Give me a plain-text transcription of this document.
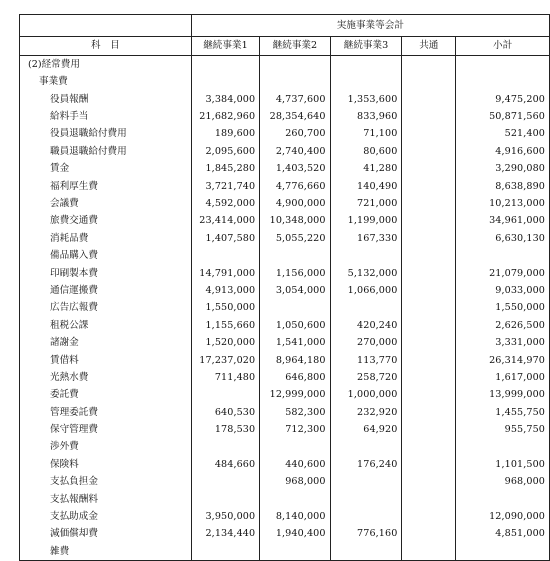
	実施事業等会計				
科　目	継続事業1	継続事業2	継続事業3	共通	小計
(2)経常費用					
事業費					
役員報酬	3,384,000	4,737,600	1,353,600		9,475,200
給料手当	21,682,960	28,354,640	833,960		50,871,560
役員退職給付費用	189,600	260,700	71,100		521,400
職員退職給付費用	2,095,600	2,740,400	80,600		4,916,600
賃金	1,845,280	1,403,520	41,280		3,290,080
福利厚生費	3,721,740	4,776,660	140,490		8,638,890
会議費	4,592,000	4,900,000	721,000		10,213,000
旅費交通費	23,414,000	10,348,000	1,199,000		34,961,000
消耗品費	1,407,580	5,055,220	167,330		6,630,130
備品購入費					
印刷製本費	14,791,000	1,156,000	5,132,000		21,079,000
通信運搬費	4,913,000	3,054,000	1,066,000		9,033,000
広告広報費	1,550,000				1,550,000
租税公課	1,155,660	1,050,600	420,240		2,626,500
諸謝金	1,520,000	1,541,000	270,000		3,331,000
賃借料	17,237,020	8,964,180	113,770		26,314,970
光熱水費	711,480	646,800	258,720		1,617,000
委託費		12,999,000	1,000,000		13,999,000
管理委託費	640,530	582,300	232,920		1,455,750
保守管理費	178,530	712,300	64,920		955,750
渉外費					
保険料	484,660	440,600	176,240		1,101,500
支払負担金		968,000			968,000
支払報酬料					
支払助成金	3,950,000	8,140,000			12,090,000
減価償却費	2,134,440	1,940,400	776,160		4,851,000
雑費					
